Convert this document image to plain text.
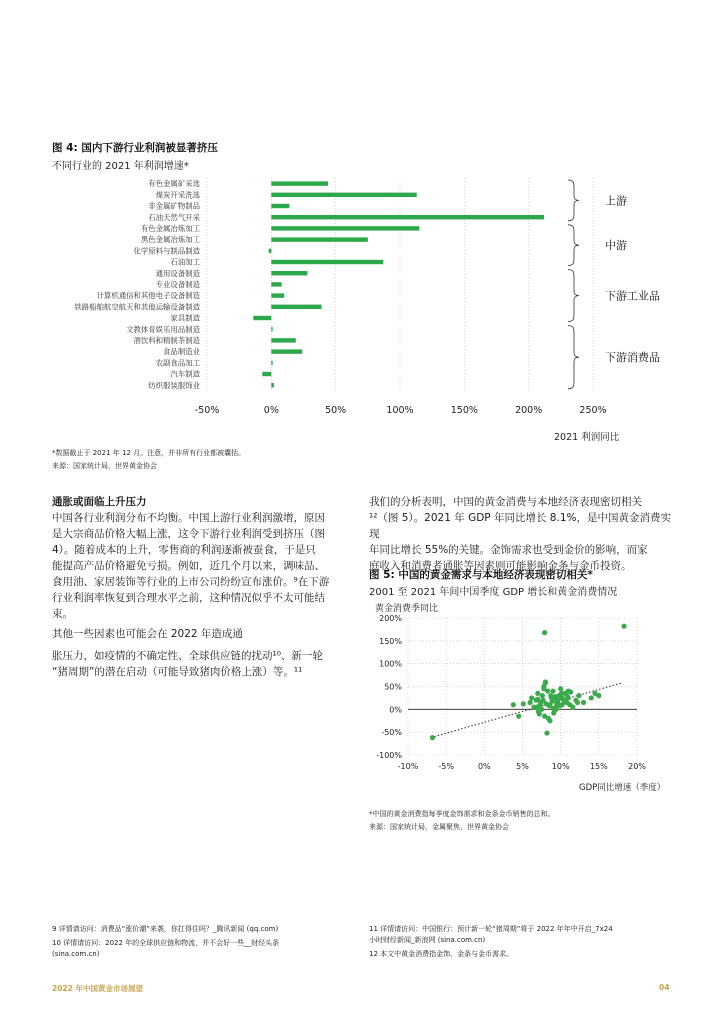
图 4: 国内下游行业利润被显著挤压
不同行业的 2021 年利润增速*
有色金属矿采选
煤炭开采洗选
非金属矿物制品
石油天然气开采
有色金属冶炼加工
黑色金属冶炼加工
化学原料与制品制造
石油加工
通用设备制造
专业设备制造
计算机通信和其他电子设备制造
铁路船舶航空航天和其他运输设备制造
家具制造
文教体育娱乐用品制造
酒饮料和精制茶制造
食品制造业
农副食品加工
汽车制造
纺织服装服饰业
-50%	0%	50%	100%	150%	200%	250%
上游
中游
下游工业品
下游消费品
2021 利润同比
*数据截止于 2021 年 12 月。注意，并非所有行业都被囊括。
来源：国家统计局，世界黄金协会
通胀或面临上升压力
中国各行业利润分布不均衡。中国上游行业利润激增，原因
是大宗商品价格大幅上涨，这令下游行业利润受到挤压（图
4）。随着成本的上升，零售商的利润逐渐被蚕食，于是只
能提高产品价格避免亏损。例如，近几个月以来，调味品、
食用油、家居装饰等行业的上市公司纷纷宣布涨价。⁹在下游
行业利润率恢复到合理水平之前，这种情况似乎不太可能结
束。
其他一些因素也可能会在 2022 年造成通
胀压力，如疫情的不确定性、全球供应链的扰动¹⁰、新一轮
“猪周期”的潜在启动（可能导致猪肉价格上涨）等。¹¹
我们的分析表明，中国的黄金消费与本地经济表现密切相关
¹²（图 5）。2021 年 GDP 年同比增长 8.1%，是中国黄金消费实现
年同比增长 55%的关键。金饰需求也受到金价的影响，而家
庭收入和消费者通胀等因素则可能影响金条与金币投资。
图 5: 中国的黄金需求与本地经济表现密切相关*
2001 至 2021 年间中国季度 GDP 增长和黄金消费情况
黄金消费季同比
200%
150%
100%
50%
0%
-50%
-100%
-10%	-5%	0%	5%	10%	15%	20%
GDP同比增速（季度）
*中国的黄金消费指每季度金饰需求和金条金币销售的总和。
来源：国家统计局，金属聚焦，世界黄金协会
9 详情请访问：消费品“涨价潮”来袭，你扛得住吗？_腾讯新闻 (qq.com)
10 详情请访问：2022 年的全球供应链和物流，并不会好一些__财经头条
(sina.com.cn)
11 详情请访问：中国银行：预计新一轮“猪周期”将于 2022 年年中开启_7x24
小时财经新闻_新浪网 (sina.com.cn)
12 本文中黄金消费指金饰、金条与金币需求。
2022 年中国黄金市场展望	04
